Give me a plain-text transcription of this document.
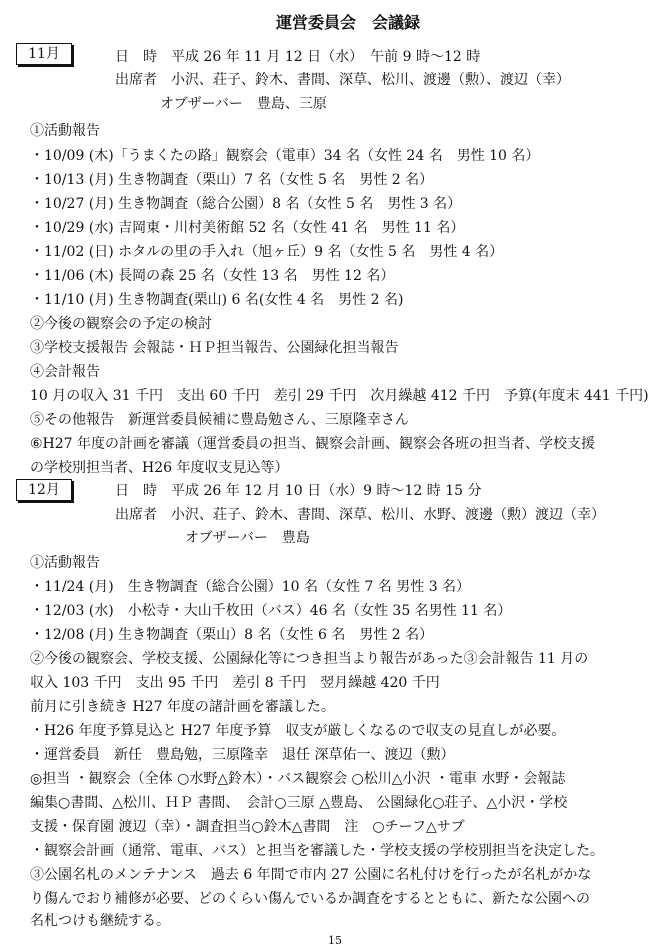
運営委員会　会議録
11月	日　時　平成 26 年 11 月 12 日（水）　午前 9 時～12 時
出席者　小沢、荘子、鈴木、書間、深草、松川、渡邊（勲）、渡辺（幸）
オブザーバー　豊島、三原
①活動報告
・10/09 (木)「うまくたの路」観察会（電車）34 名（女性 24 名　男性 10 名）
・10/13 (月) 生き物調査（栗山）7 名（女性 5 名　男性 2 名）
・10/27 (月) 生き物調査（総合公園）8 名（女性 5 名　男性 3 名）
・10/29 (水) 吉岡東・川村美術館 52 名（女性 41 名　男性 11 名）
・11/02 (日) ホタルの里の手入れ（旭ヶ丘）9 名（女性 5 名　男性 4 名）
・11/06 (木) 長岡の森 25 名（女性 13 名　男性 12 名）
・11/10 (月) 生き物調査(栗山) 6 名(女性 4 名　男性 2 名)
②今後の観察会の予定の検討
③学校支援報告 会報誌・ＨＰ担当報告、公園緑化担当報告
④会計報告
10 月の収入 31 千円　支出 60 千円　差引 29 千円　次月繰越 412 千円　予算(年度末 441 千円)
⑤その他報告　新運営委員候補に豊島勉さん、三原隆幸さん
⑥H27 年度の計画を審議（運営委員の担当、観察会計画、観察会各班の担当者、学校支援
の学校別担当者、H26 年度収支見込等）
12月	日　時　平成 26 年 12 月 10 日（水）9 時～12 時 15 分
出席者　小沢、荘子、鈴木、書間、深草、松川、水野、渡邊（勲）渡辺（幸）
オブザーバー　豊島
①活動報告
・11/24 (月)　生き物調査（総合公園）10 名（女性 7 名 男性 3 名）
・12/03 (水)　小松寺・大山千枚田（バス）46 名（女性 35 名男性 11 名）
・12/08 (月) 生き物調査（栗山）8 名（女性 6 名　男性 2 名）
②今後の観察会、学校支援、公園緑化等につき担当より報告があった③会計報告 11 月の
収入 103 千円　支出 95 千円　差引 8 千円　翌月繰越 420 千円
前月に引き続き H27 年度の諸計画を審議した。
・H26 年度予算見込と H27 年度予算　収支が厳しくなるので収支の見直しが必要。
・運営委員　新任　豊島勉，三原隆幸　退任 深草佑一、渡辺（勲）
◎担当 ・観察会（全体 ○水野△鈴木）・バス観察会 ○松川△小沢 ・電車 水野・会報誌
編集○書間、△松川、ＨＰ 書間、　会計○三原 △豊島、 公園緑化○荘子、△小沢・学校
支援・保育園 渡辺（幸）・調査担当○鈴木△書間　注　○チーフ△サブ
・観察会計画（通常、電車、バス）と担当を審議した・学校支援の学校別担当を決定した。
③公園名札のメンテナンス　過去 6 年間で市内 27 公園に名札付けを行ったが名札がかな
り傷んでおり補修が必要、どのくらい傷んでいるか調査をするとともに、新たな公園への
名札つけも継続する。
15
